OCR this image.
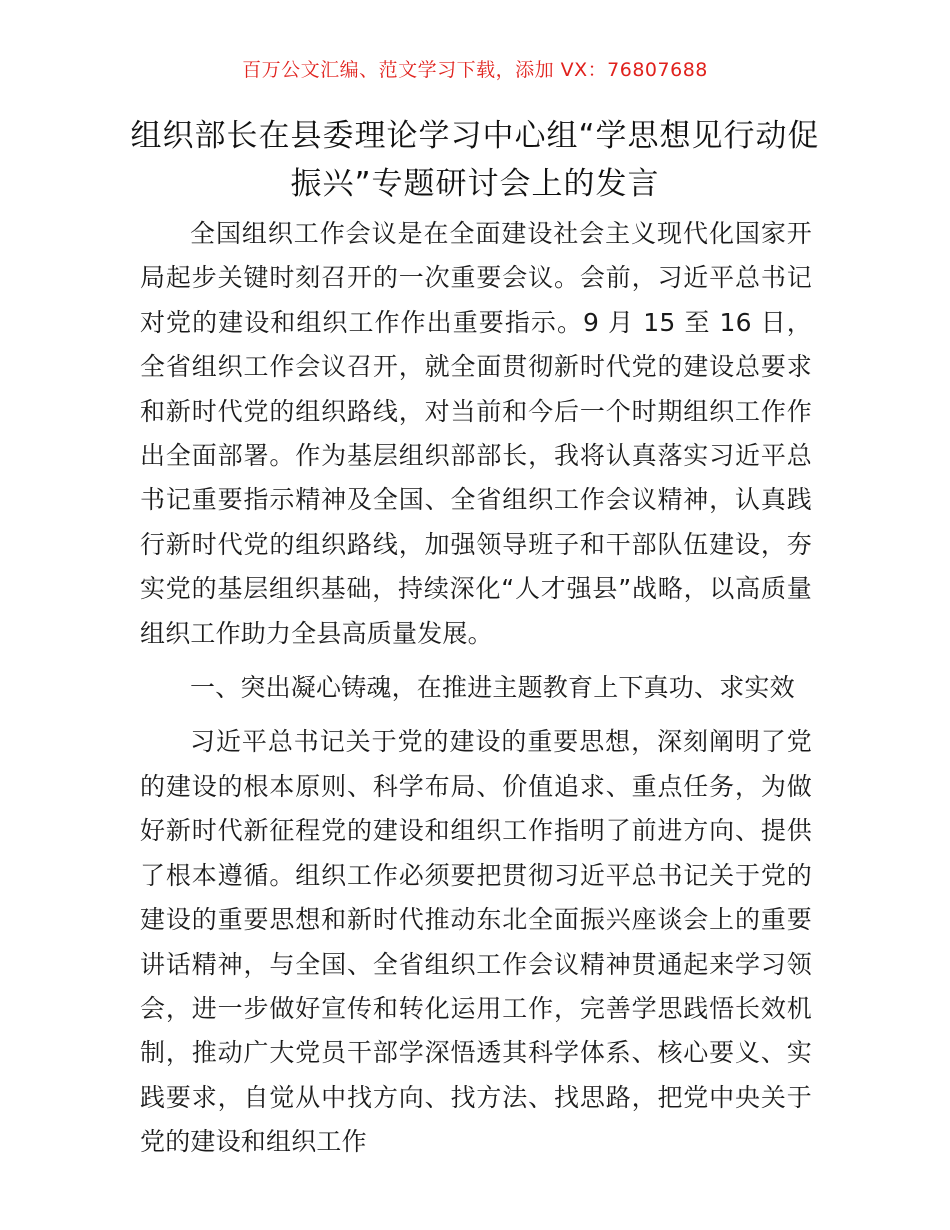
百万公文汇编、范文学习下载，添加 VX：76807688
组织部长在县委理论学习中心组“学思想见行动促振兴”专题研讨会上的发言

全国组织工作会议是在全面建设社会主义现代化国家开局起步关键时刻召开的一次重要会议。会前，习近平总书记对党的建设和组织工作作出重要指示。9 月 15 至 16 日，全省组织工作会议召开，就全面贯彻新时代党的建设总要求和新时代党的组织路线，对当前和今后一个时期组织工作作出全面部署。作为基层组织部部长，我将认真落实习近平总书记重要指示精神及全国、全省组织工作会议精神，认真践行新时代党的组织路线，加强领导班子和干部队伍建设，夯实党的基层组织基础，持续深化“人才强县”战略，以高质量组织工作助力全县高质量发展。

一、突出凝心铸魂，在推进主题教育上下真功、求实效

习近平总书记关于党的建设的重要思想，深刻阐明了党的建设的根本原则、科学布局、价值追求、重点任务，为做好新时代新征程党的建设和组织工作指明了前进方向、提供了根本遵循。组织工作必须要把贯彻习近平总书记关于党的建设的重要思想和新时代推动东北全面振兴座谈会上的重要讲话精神，与全国、全省组织工作会议精神贯通起来学习领会，进一步做好宣传和转化运用工作，完善学思践悟长效机制，推动广大党员干部学深悟透其科学体系、核心要义、实践要求，自觉从中找方向、找方法、找思路，把党中央关于党的建设和组织工作
